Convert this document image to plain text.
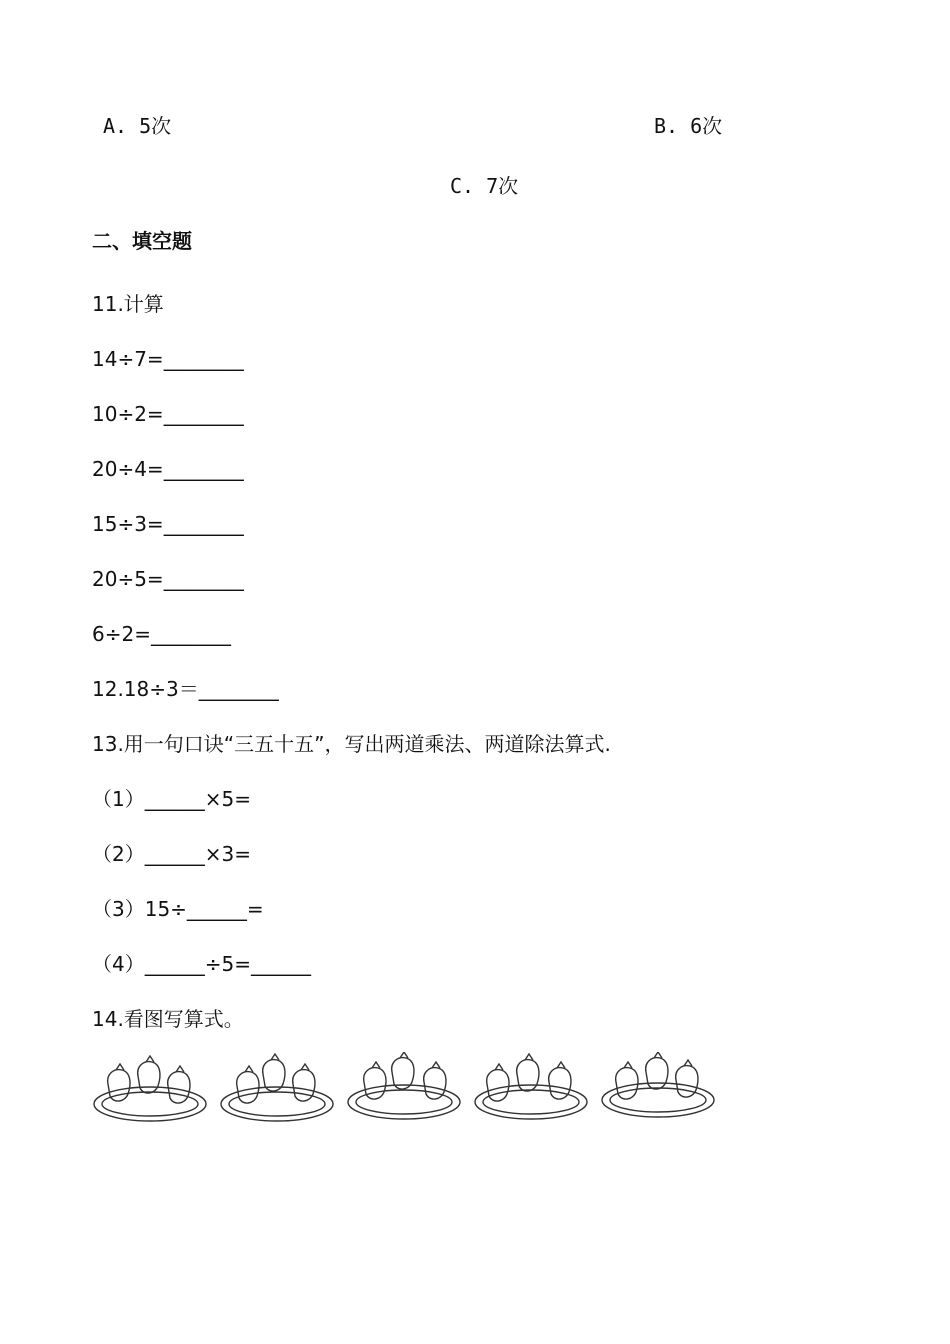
A. 5次	B. 6次
C. 7次
二、填空题
11.计算
14÷7=________
10÷2=________
20÷4=________
15÷3=________
20÷5=________
6÷2=________
12.18÷3＝________
13.用一句口诀“三五十五”，写出两道乘法、两道除法算式.
（1）______×5=
（2）______×3=
（3）15÷______=
（4）______÷5=______
14.看图写算式。
